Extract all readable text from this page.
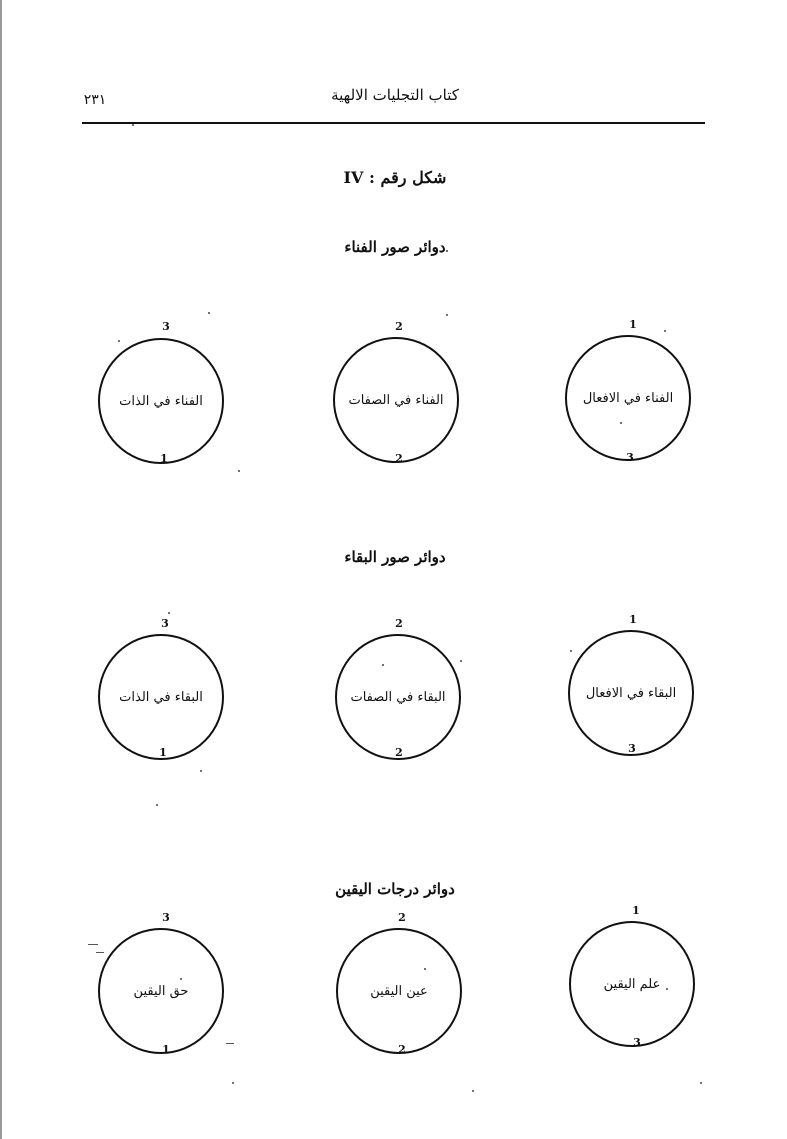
كتاب التجليات الالهية
٢٣١
شكل رقم : IV
دوائر صور الفناء
1
الفناء في الافعال
3
2
الفناء في الصفات
2
3
الفناء في الذات
1
دوائر صور البقاء
1
البقاء في الافعال
3
2
البقاء في الصفات
2
3
البقاء في الذات
1
دوائر درجات اليقين
1
علم اليقين
3
2
عين اليقين
2
3
حق اليقين
1
